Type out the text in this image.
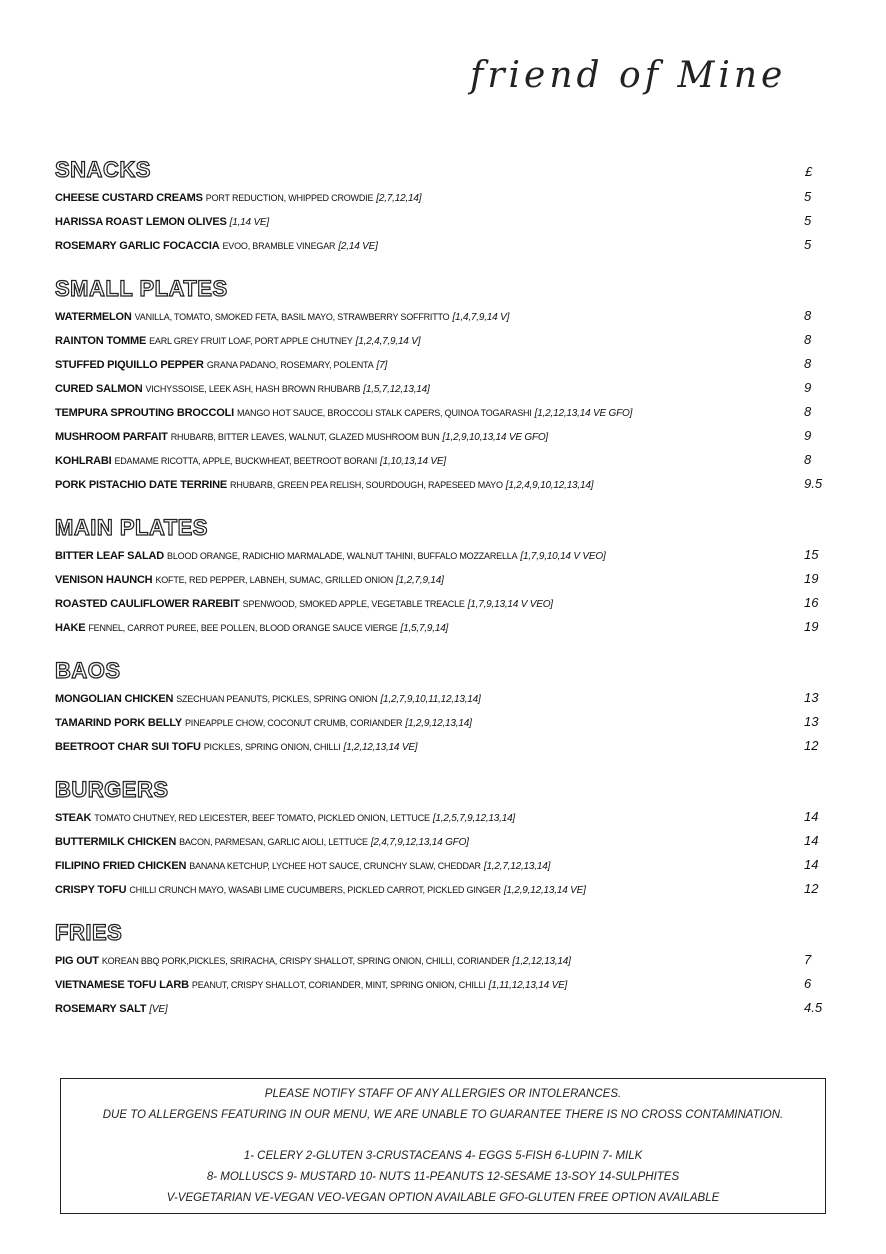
friend of Mine
SNACKS	£
CHEESE CUSTARD CREAMS PORT REDUCTION, WHIPPED CROWDIE [2,7,12,14]	5
HARISSA ROAST LEMON OLIVES [1,14 VE]	5
ROSEMARY GARLIC FOCACCIA EVOO, BRAMBLE VINEGAR [2,14 VE]	5
SMALL PLATES
WATERMELON VANILLA, TOMATO, SMOKED FETA, BASIL MAYO, STRAWBERRY SOFFRITTO [1,4,7,9,14 V]	8
RAINTON TOMME EARL GREY FRUIT LOAF, PORT APPLE CHUTNEY [1,2,4,7,9,14 V]	8
STUFFED PIQUILLO PEPPER GRANA PADANO, ROSEMARY, POLENTA [7]	8
CURED SALMON VICHYSSOISE, LEEK ASH, HASH BROWN RHUBARB [1,5,7,12,13,14]	9
TEMPURA SPROUTING BROCCOLI MANGO HOT SAUCE, BROCCOLI STALK CAPERS, QUINOA TOGARASHI [1,2,12,13,14 VE GFO]	8
MUSHROOM PARFAIT RHUBARB, BITTER LEAVES, WALNUT, GLAZED MUSHROOM BUN [1,2,9,10,13,14 VE GFO]	9
KOHLRABI EDAMAME RICOTTA, APPLE, BUCKWHEAT, BEETROOT BORANI [1,10,13,14 VE]	8
PORK PISTACHIO DATE TERRINE RHUBARB, GREEN PEA RELISH, SOURDOUGH, RAPESEED MAYO [1,2,4,9,10,12,13,14]	9.5
MAIN PLATES
BITTER LEAF SALAD BLOOD ORANGE, RADICHIO MARMALADE, WALNUT TAHINI, BUFFALO MOZZARELLA [1,7,9,10,14 V VEO]	15
VENISON HAUNCH KOFTE, RED PEPPER, LABNEH, SUMAC, GRILLED ONION [1,2,7,9,14]	19
ROASTED CAULIFLOWER RAREBIT SPENWOOD, SMOKED APPLE, VEGETABLE TREACLE [1,7,9,13,14 V VEO]	16
HAKE FENNEL, CARROT PUREE, BEE POLLEN, BLOOD ORANGE SAUCE VIERGE [1,5,7,9,14]	19
BAOS
MONGOLIAN CHICKEN SZECHUAN PEANUTS, PICKLES, SPRING ONION [1,2,7,9,10,11,12,13,14]	13
TAMARIND PORK BELLY PINEAPPLE CHOW, COCONUT CRUMB, CORIANDER [1,2,9,12,13,14]	13
BEETROOT CHAR SUI TOFU PICKLES, SPRING ONION, CHILLI [1,2,12,13,14 VE]	12
BURGERS
STEAK TOMATO CHUTNEY, RED LEICESTER, BEEF TOMATO, PICKLED ONION, LETTUCE [1,2,5,7,9,12,13,14]	14
BUTTERMILK CHICKEN BACON, PARMESAN, GARLIC AIOLI, LETTUCE [2,4,7,9,12,13,14 GFO]	14
FILIPINO FRIED CHICKEN BANANA KETCHUP, LYCHEE HOT SAUCE, CRUNCHY SLAW, CHEDDAR [1,2,7,12,13,14]	14
CRISPY TOFU CHILLI CRUNCH MAYO, WASABI LIME CUCUMBERS, PICKLED CARROT, PICKLED GINGER [1,2,9,12,13,14 VE]	12
FRIES
PIG OUT KOREAN BBQ PORK,PICKLES, SRIRACHA, CRISPY SHALLOT, SPRING ONION, CHILLI, CORIANDER [1,2,12,13,14]	7
VIETNAMESE TOFU LARB PEANUT, CRISPY SHALLOT, CORIANDER, MINT, SPRING ONION, CHILLI [1,11,12,13,14 VE]	6
ROSEMARY SALT [VE]	4.5
PLEASE NOTIFY STAFF OF ANY ALLERGIES OR INTOLERANCES.
DUE TO ALLERGENS FEATURING IN OUR MENU, WE ARE UNABLE TO GUARANTEE THERE IS NO CROSS CONTAMINATION.
1- CELERY 2-GLUTEN 3-CRUSTACEANS 4- EGGS 5-FISH 6-LUPIN 7- MILK
8- MOLLUSCS 9- MUSTARD 10- NUTS 11-PEANUTS 12-SESAME 13-SOY 14-SULPHITES
V-VEGETARIAN VE-VEGAN VEO-VEGAN OPTION AVAILABLE GFO-GLUTEN FREE OPTION AVAILABLE
